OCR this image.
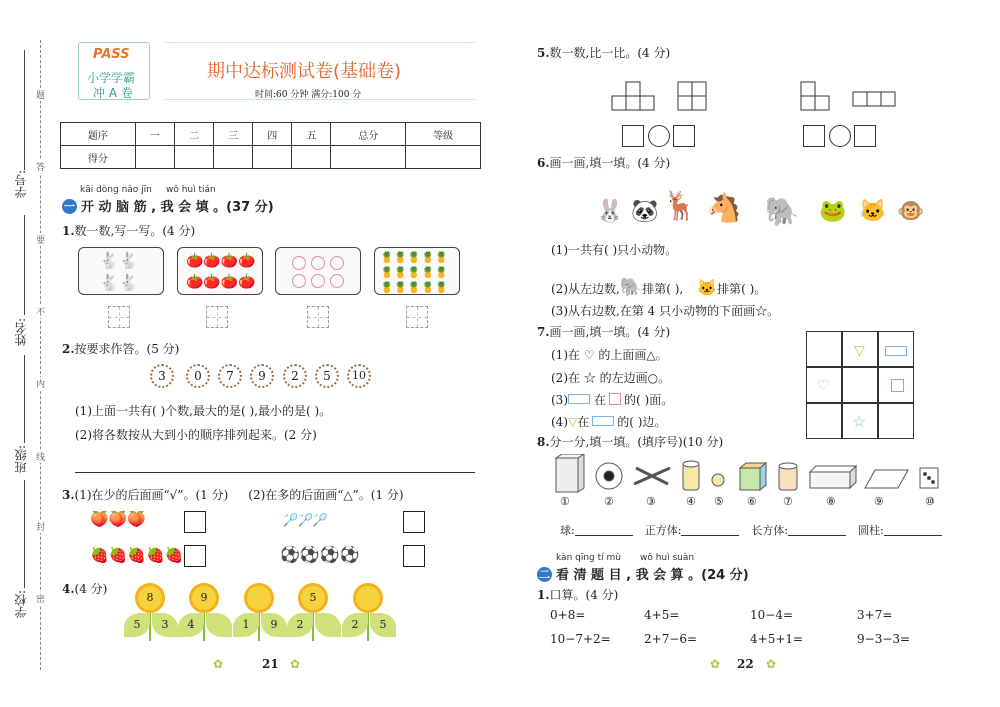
学号:
姓名:
班级:
学校:
题
答
要
不
内
线
封
密
PASS
小学学霸
冲 A 卷
期中达标测试卷(基础卷)
时间:60 分钟 满分:100 分
题序	一	二	三	四	五	总分	等级
得分							
kāi dòng nǎo jīn wǒ huì tián
一 开 动 脑 筋 , 我 会 填 。(37 分)
1.数一数,写一写。(4 分)
🐇🐇
🐇🐇
🍅🍅🍅🍅
🍅🍅🍅🍅
🍍🍍🍍🍍🍍
🍍🍍🍍🍍🍍
🍍🍍🍍🍍🍍
2.按要求作答。(5 分)
3	0	7	9	2	5	10
(1)上面一共有( )个数,最大的是( ),最小的是( )。
(2)将各数按从大到小的顺序排列起来。(2 分)
3.(1)在少的后面画“√”。(1 分) (2)在多的后面画“△”。(1 分)
🍑🍑🍑
🍓🍓🍓🍓🍓
🏸🏸🏸
⚽⚽⚽⚽
4.(4 分)
8
5	3
9
4	1	9
5
2	2	5
✿	21 ✿
5.数一数,比一比。(4 分)
6.画一画,填一填。(4 分)
🐰 🐼 🦌 🐴 🐘 🐸 🐱 🐵
(1)一共有( )只小动物。
(2)从左边数,🐘排第( ), 🐱排第( )。
(3)从右边数,在第 4 只小动物的下面画☆。
7.画一画,填一填。(4 分)
(1)在 ♡ 的上面画△。
(2)在 ☆ 的左边画○。
(3) 在 的( )面。
(4)▽在 的( )边。
▽
♡
☆
8.分一分,填一填。(填序号)(10 分)
①	②	③	④ ⑤ ⑥ ⑦	⑧	⑨	⑩
球:	正方体:	长方体:	圆柱:
kàn qīng tí mù wǒ huì suàn
二 看 清 题 目 , 我 会 算 。(24 分)
1.口算。(4 分)
0+8=	4+5=	10−4=	3+7=
10−7+2=	2+7−6=	4+5+1=	9−3−3=
✿ 22 ✿
